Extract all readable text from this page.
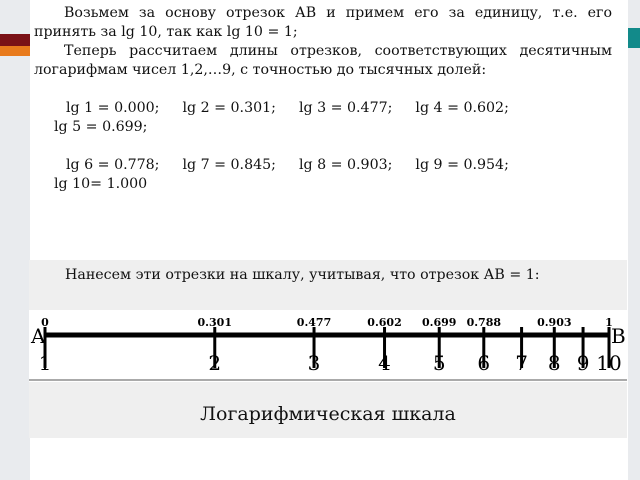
Возьмем за основу отрезок АВ и примем его за единицу, т.е. его принять за lg 10, так как lg 10 = 1;

Теперь рассчитаем длины отрезков, соответствующих десятичным логарифмам чисел 1,2,…9, с точностью до тысячных долей:

lg 1 = 0.000; lg 2 = 0.301; lg 3 = 0.477; lg 4 = 0.602;
lg 5 = 0.699;

lg 6 = 0.778; lg 7 = 0.845; lg 8 = 0.903; lg 9 = 0.954;
lg 10= 1.000
Нанесем эти отрезки на шкалу, учитывая, что отрезок АВ = 1:
A	B
1
0
2
0.301
3
0.477
4
0.602
5
0.699
6
0.788
7 8
0.903
9 10
1
Логарифмическая шкала
